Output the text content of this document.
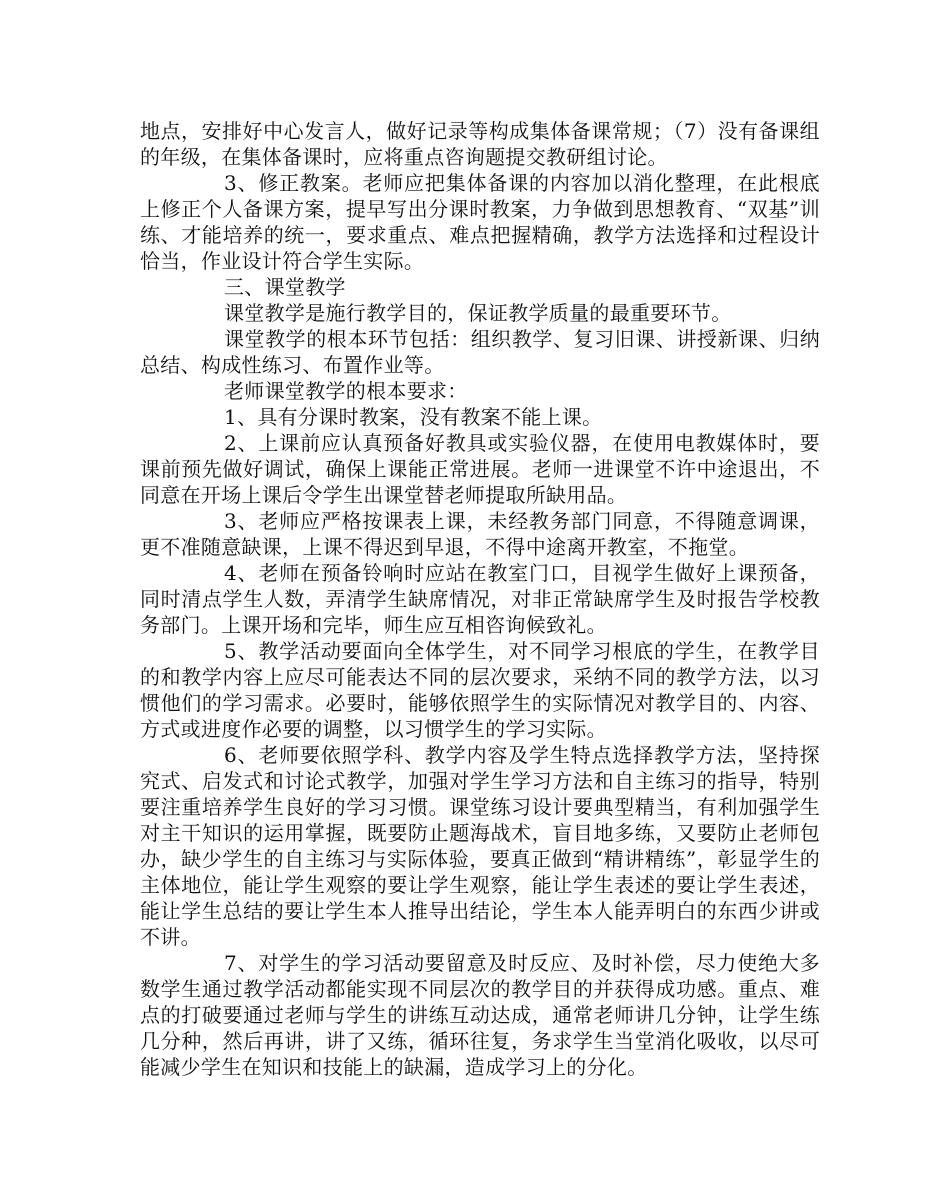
地点，安排好中心发言人，做好记录等构成集体备课常规；（7）没有备课组的年级，在集体备课时，应将重点咨询题提交教研组讨论。

3、修正教案。老师应把集体备课的内容加以消化整理，在此根底上修正个人备课方案，提早写出分课时教案，力争做到思想教育、“双基”训练、才能培养的统一，要求重点、难点把握精确，教学方法选择和过程设计恰当，作业设计符合学生实际。

三、课堂教学

课堂教学是施行教学目的，保证教学质量的最重要环节。

课堂教学的根本环节包括：组织教学、复习旧课、讲授新课、归纳总结、构成性练习、布置作业等。

老师课堂教学的根本要求：

1、具有分课时教案，没有教案不能上课。

2、上课前应认真预备好教具或实验仪器，在使用电教媒体时，要课前预先做好调试，确保上课能正常进展。老师一进课堂不许中途退出，不同意在开场上课后令学生出课堂替老师提取所缺用品。

3、老师应严格按课表上课，未经教务部门同意，不得随意调课，更不准随意缺课，上课不得迟到早退，不得中途离开教室，不拖堂。

4、老师在预备铃响时应站在教室门口，目视学生做好上课预备，同时清点学生人数，弄清学生缺席情况，对非正常缺席学生及时报告学校教务部门。上课开场和完毕，师生应互相咨询候致礼。

5、教学活动要面向全体学生，对不同学习根底的学生，在教学目的和教学内容上应尽可能表达不同的层次要求，采纳不同的教学方法，以习惯他们的学习需求。必要时，能够依照学生的实际情况对教学目的、内容、方式或进度作必要的调整，以习惯学生的学习实际。

6、老师要依照学科、教学内容及学生特点选择教学方法，坚持探究式、启发式和讨论式教学，加强对学生学习方法和自主练习的指导，特别要注重培养学生良好的学习习惯。课堂练习设计要典型精当，有利加强学生对主干知识的运用掌握，既要防止题海战术，盲目地多练，又要防止老师包办，缺少学生的自主练习与实际体验，要真正做到“精讲精练”，彰显学生的主体地位，能让学生观察的要让学生观察，能让学生表述的要让学生表述，能让学生总结的要让学生本人推导出结论，学生本人能弄明白的东西少讲或不讲。

7、对学生的学习活动要留意及时反应、及时补偿，尽力使绝大多数学生通过教学活动都能实现不同层次的教学目的并获得成功感。重点、难点的打破要通过老师与学生的讲练互动达成，通常老师讲几分钟，让学生练几分种，然后再讲，讲了又练，循环往复，务求学生当堂消化吸收，以尽可能减少学生在知识和技能上的缺漏，造成学习上的分化。
